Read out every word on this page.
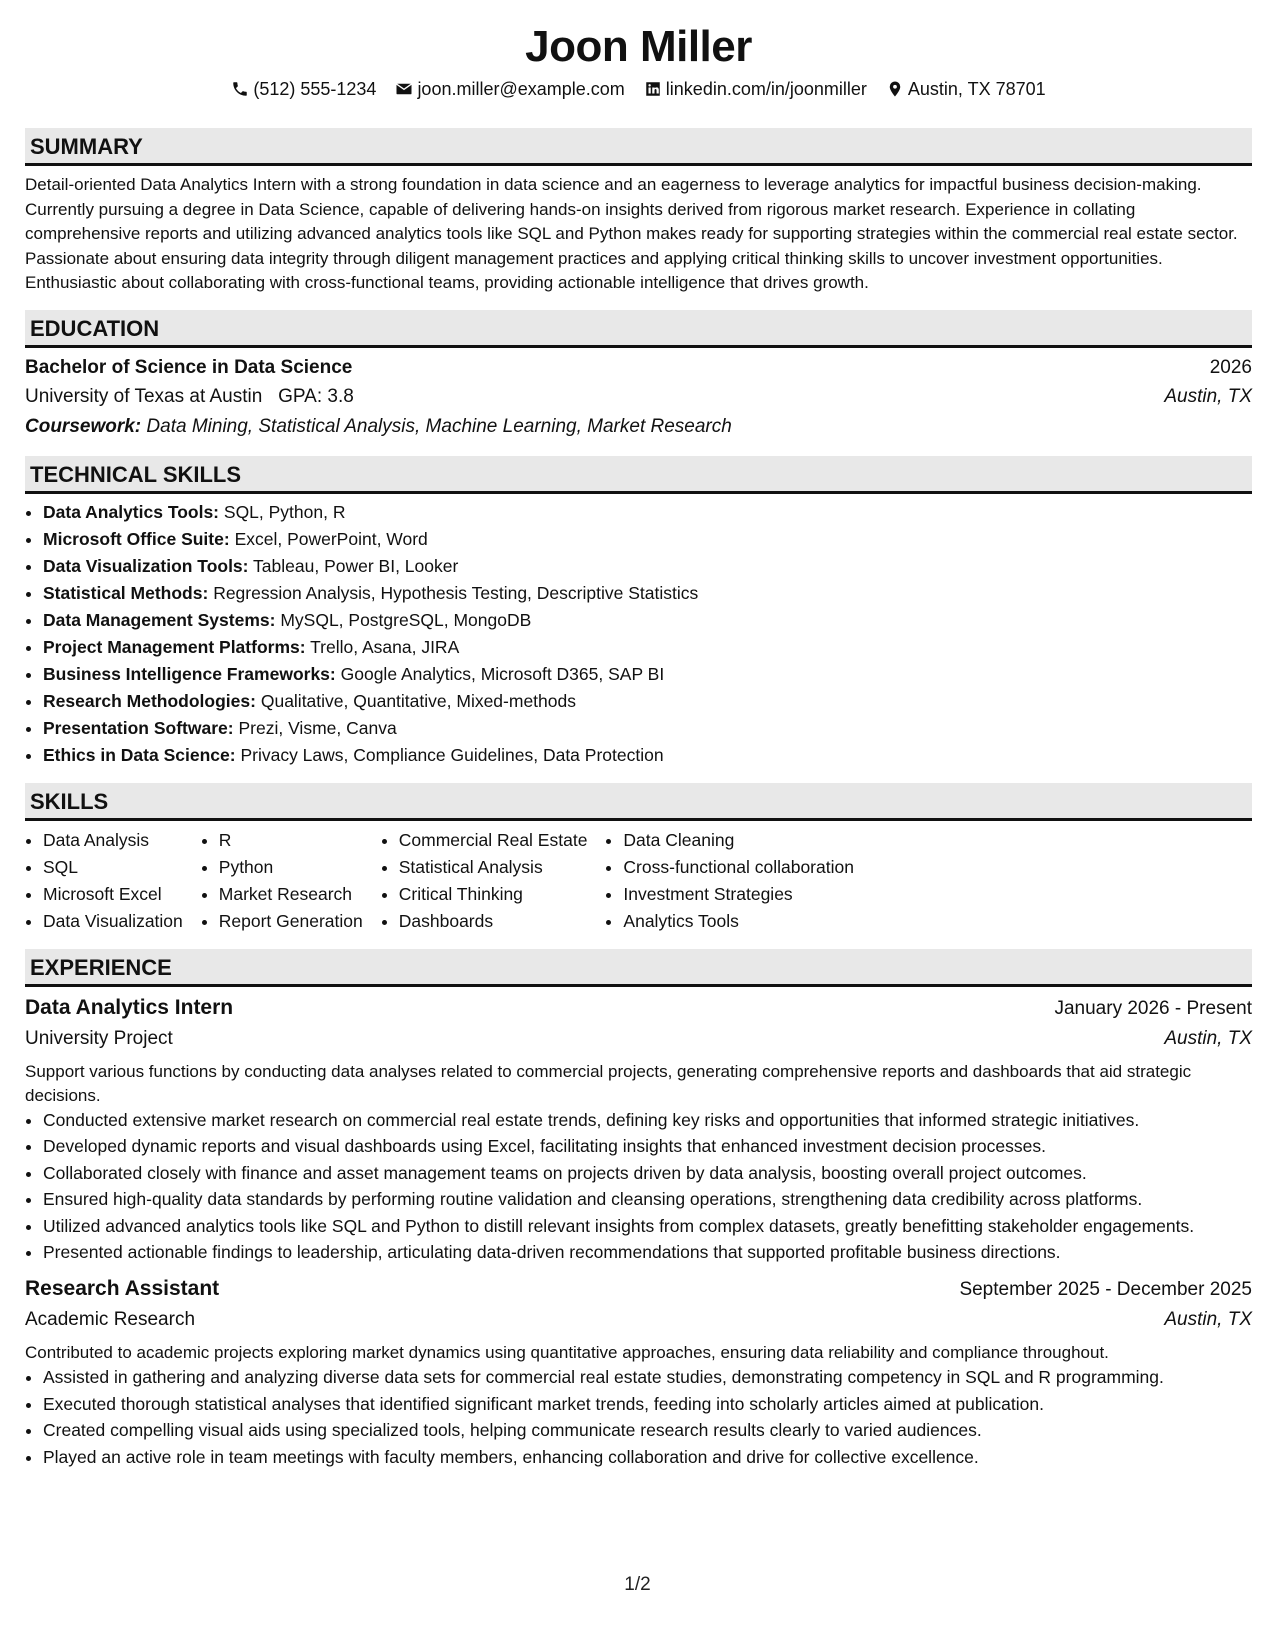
Joon Miller
(512) 555-1234
joon.miller@example.com
linkedin.com/in/joonmiller
Austin, TX 78701
SUMMARY
Detail-oriented Data Analytics Intern with a strong foundation in data science and an eagerness to leverage analytics for impactful business decision-making. Currently pursuing a degree in Data Science, capable of delivering hands-on insights derived from rigorous market research. Experience in collating comprehensive reports and utilizing advanced analytics tools like SQL and Python makes ready for supporting strategies within the commercial real estate sector. Passionate about ensuring data integrity through diligent management practices and applying critical thinking skills to uncover investment opportunities. Enthusiastic about collaborating with cross-functional teams, providing actionable intelligence that drives growth.
EDUCATION
Bachelor of Science in Data Science	2026
University of Texas at Austin GPA: 3.8	Austin, TX
Coursework: Data Mining, Statistical Analysis, Machine Learning, Market Research
TECHNICAL SKILLS
• Data Analytics Tools: SQL, Python, R
• Microsoft Office Suite: Excel, PowerPoint, Word
• Data Visualization Tools: Tableau, Power BI, Looker
• Statistical Methods: Regression Analysis, Hypothesis Testing, Descriptive Statistics
• Data Management Systems: MySQL, PostgreSQL, MongoDB
• Project Management Platforms: Trello, Asana, JIRA
• Business Intelligence Frameworks: Google Analytics, Microsoft D365, SAP BI
• Research Methodologies: Qualitative, Quantitative, Mixed-methods
• Presentation Software: Prezi, Visme, Canva
• Ethics in Data Science: Privacy Laws, Compliance Guidelines, Data Protection
SKILLS
• Data Analysis
• SQL
• Microsoft Excel
• Data Visualization
• R
• Python
• Market Research
• Report Generation
• Commercial Real Estate
• Statistical Analysis
• Critical Thinking
• Dashboards
• Data Cleaning
• Cross-functional collaboration
• Investment Strategies
• Analytics Tools
EXPERIENCE
Data Analytics Intern	January 2026 - Present
University Project	Austin, TX
Support various functions by conducting data analyses related to commercial projects, generating comprehensive reports and dashboards that aid strategic decisions.
• Conducted extensive market research on commercial real estate trends, defining key risks and opportunities that informed strategic initiatives.
• Developed dynamic reports and visual dashboards using Excel, facilitating insights that enhanced investment decision processes.
• Collaborated closely with finance and asset management teams on projects driven by data analysis, boosting overall project outcomes.
• Ensured high-quality data standards by performing routine validation and cleansing operations, strengthening data credibility across platforms.
• Utilized advanced analytics tools like SQL and Python to distill relevant insights from complex datasets, greatly benefitting stakeholder engagements.
• Presented actionable findings to leadership, articulating data-driven recommendations that supported profitable business directions.
Research Assistant	September 2025 - December 2025
Academic Research	Austin, TX
Contributed to academic projects exploring market dynamics using quantitative approaches, ensuring data reliability and compliance throughout.
• Assisted in gathering and analyzing diverse data sets for commercial real estate studies, demonstrating competency in SQL and R programming.
• Executed thorough statistical analyses that identified significant market trends, feeding into scholarly articles aimed at publication.
• Created compelling visual aids using specialized tools, helping communicate research results clearly to varied audiences.
• Played an active role in team meetings with faculty members, enhancing collaboration and drive for collective excellence.
1/2
